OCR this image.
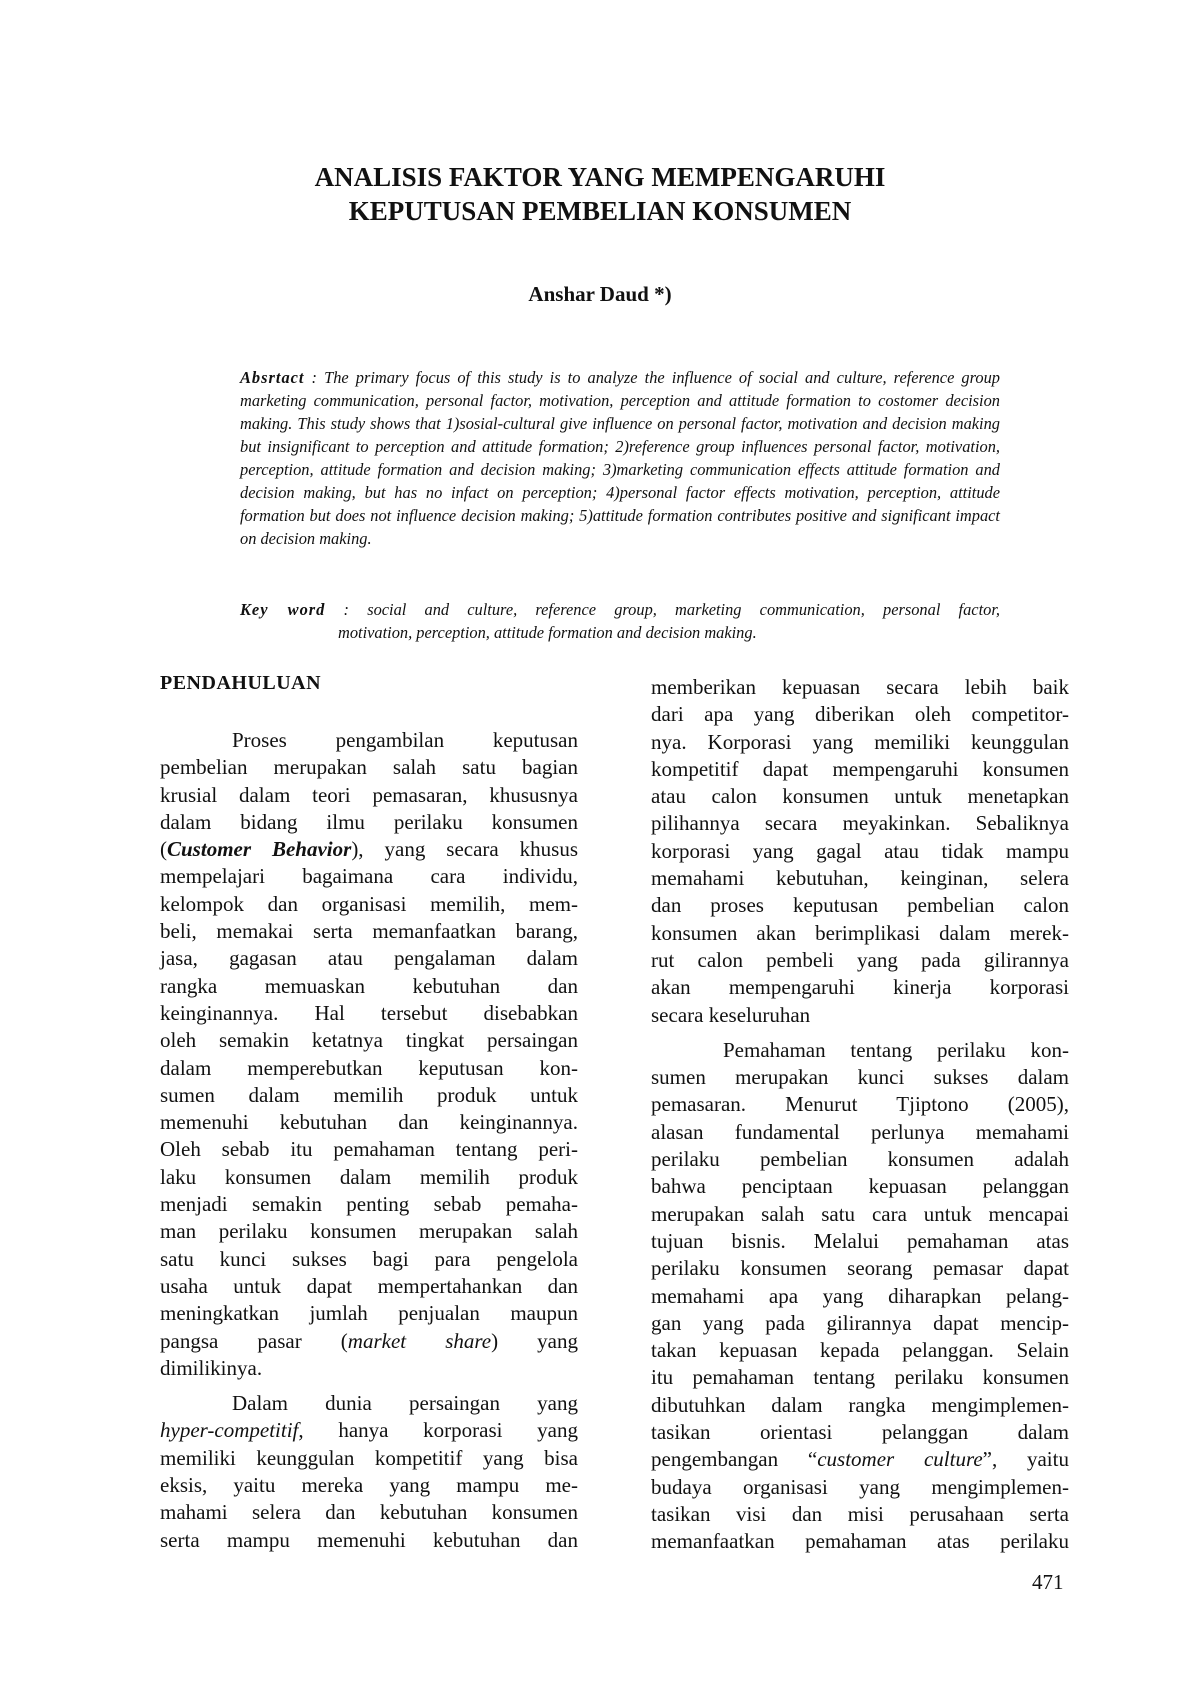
ANALISIS FAKTOR YANG MEMPENGARUHI
KEPUTUSAN PEMBELIAN KONSUMEN
Anshar Daud *)
Absrtact : The primary focus of this study is to analyze the influence of social and culture, reference group marketing communication, personal factor, motivation, perception and attitude formation to costomer decision making. This study shows that 1)sosial-cultural give influence on personal factor, motivation and decision making but insignificant to perception and attitude formation; 2)reference group influences personal factor, motivation, perception, attitude formation and decision making; 3)marketing communication effects attitude formation and decision making, but has no infact on perception; 4)personal factor effects motivation, perception, attitude formation but does not influence decision making; 5)attitude formation contributes positive and significant impact on decision making.
Key word : social and culture, reference group, marketing communication, personal factor,
motivation, perception, attitude formation and decision making.
PENDAHULUAN
Proses pengambilan keputusan
pembelian merupakan salah satu bagian
krusial dalam teori pemasaran, khususnya
dalam bidang ilmu perilaku konsumen
(Customer Behavior), yang secara khusus
mempelajari bagaimana cara individu,
kelompok dan organisasi memilih, mem-
beli, memakai serta memanfaatkan barang,
jasa, gagasan atau pengalaman dalam
rangka memuaskan kebutuhan dan
keinginannya. Hal tersebut disebabkan
oleh semakin ketatnya tingkat persaingan
dalam memperebutkan keputusan kon-
sumen dalam memilih produk untuk
memenuhi kebutuhan dan keinginannya.
Oleh sebab itu pemahaman tentang peri-
laku konsumen dalam memilih produk
menjadi semakin penting sebab pemaha-
man perilaku konsumen merupakan salah
satu kunci sukses bagi para pengelola
usaha untuk dapat mempertahankan dan
meningkatkan jumlah penjualan maupun
pangsa pasar (market share) yang
dimilikinya.
Dalam dunia persaingan yang
hyper-competitif, hanya korporasi yang
memiliki keunggulan kompetitif yang bisa
eksis, yaitu mereka yang mampu me-
mahami selera dan kebutuhan konsumen
serta mampu memenuhi kebutuhan dan
memberikan kepuasan secara lebih baik
dari apa yang diberikan oleh competitor-
nya. Korporasi yang memiliki keunggulan
kompetitif dapat mempengaruhi konsumen
atau calon konsumen untuk menetapkan
pilihannya secara meyakinkan. Sebaliknya
korporasi yang gagal atau tidak mampu
memahami kebutuhan, keinginan, selera
dan proses keputusan pembelian calon
konsumen akan berimplikasi dalam merek-
rut calon pembeli yang pada gilirannya
akan mempengaruhi kinerja korporasi
secara keseluruhan
Pemahaman tentang perilaku kon-
sumen merupakan kunci sukses dalam
pemasaran. Menurut Tjiptono (2005),
alasan fundamental perlunya memahami
perilaku pembelian konsumen adalah
bahwa penciptaan kepuasan pelanggan
merupakan salah satu cara untuk mencapai
tujuan bisnis. Melalui pemahaman atas
perilaku konsumen seorang pemasar dapat
memahami apa yang diharapkan pelang-
gan yang pada gilirannya dapat mencip-
takan kepuasan kepada pelanggan. Selain
itu pemahaman tentang perilaku konsumen
dibutuhkan dalam rangka mengimplemen-
tasikan orientasi pelanggan dalam
pengembangan “customer culture”, yaitu
budaya organisasi yang mengimplemen-
tasikan visi dan misi perusahaan serta
memanfaatkan pemahaman atas perilaku
471
